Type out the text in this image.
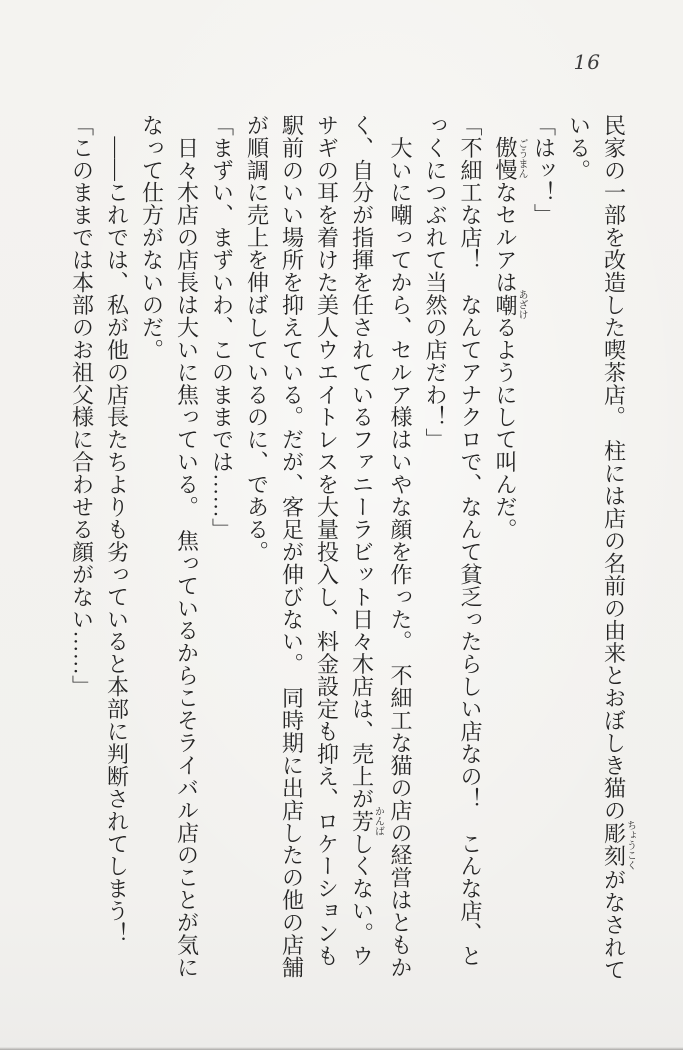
16
民家の一部を改造した喫茶店。　柱には店の名前の由来とおぼしき猫の彫刻ちょうこくがなされて
いる。
「はッ！」
　傲慢ごうまんなセルアは嘲あざけるようにして叫んだ。
「不細工な店！　なんてアナクロで、なんて貧乏ったらしい店なの！　こんな店、と
っくにつぶれて当然の店だわ！」
　大いに嘲ってから、セルア様はいやな顔を作った。　不細工な猫の店の経営はともか
く、自分が指揮を任されているファニーラビット日々木店は、売上が芳かんばしくない。ウ
サギの耳を着けた美人ウエイトレスを大量投入し、料金設定も抑え、ロケーションも
駅前のいい場所を抑えている。だが、客足が伸びない。　同時期に出店したの他の店舗
が順調に売上を伸ばしているのに、である。
「まずい、まずいわ、このままでは……」
　日々木店の店長は大いに焦っている。　焦っているからこそライバル店のことが気に
なって仕方がないのだ。
　――これでは、私が他の店長たちよりも劣っていると本部に判断されてしまう！
「このままでは本部のお祖父様に合わせる顔がない……」
